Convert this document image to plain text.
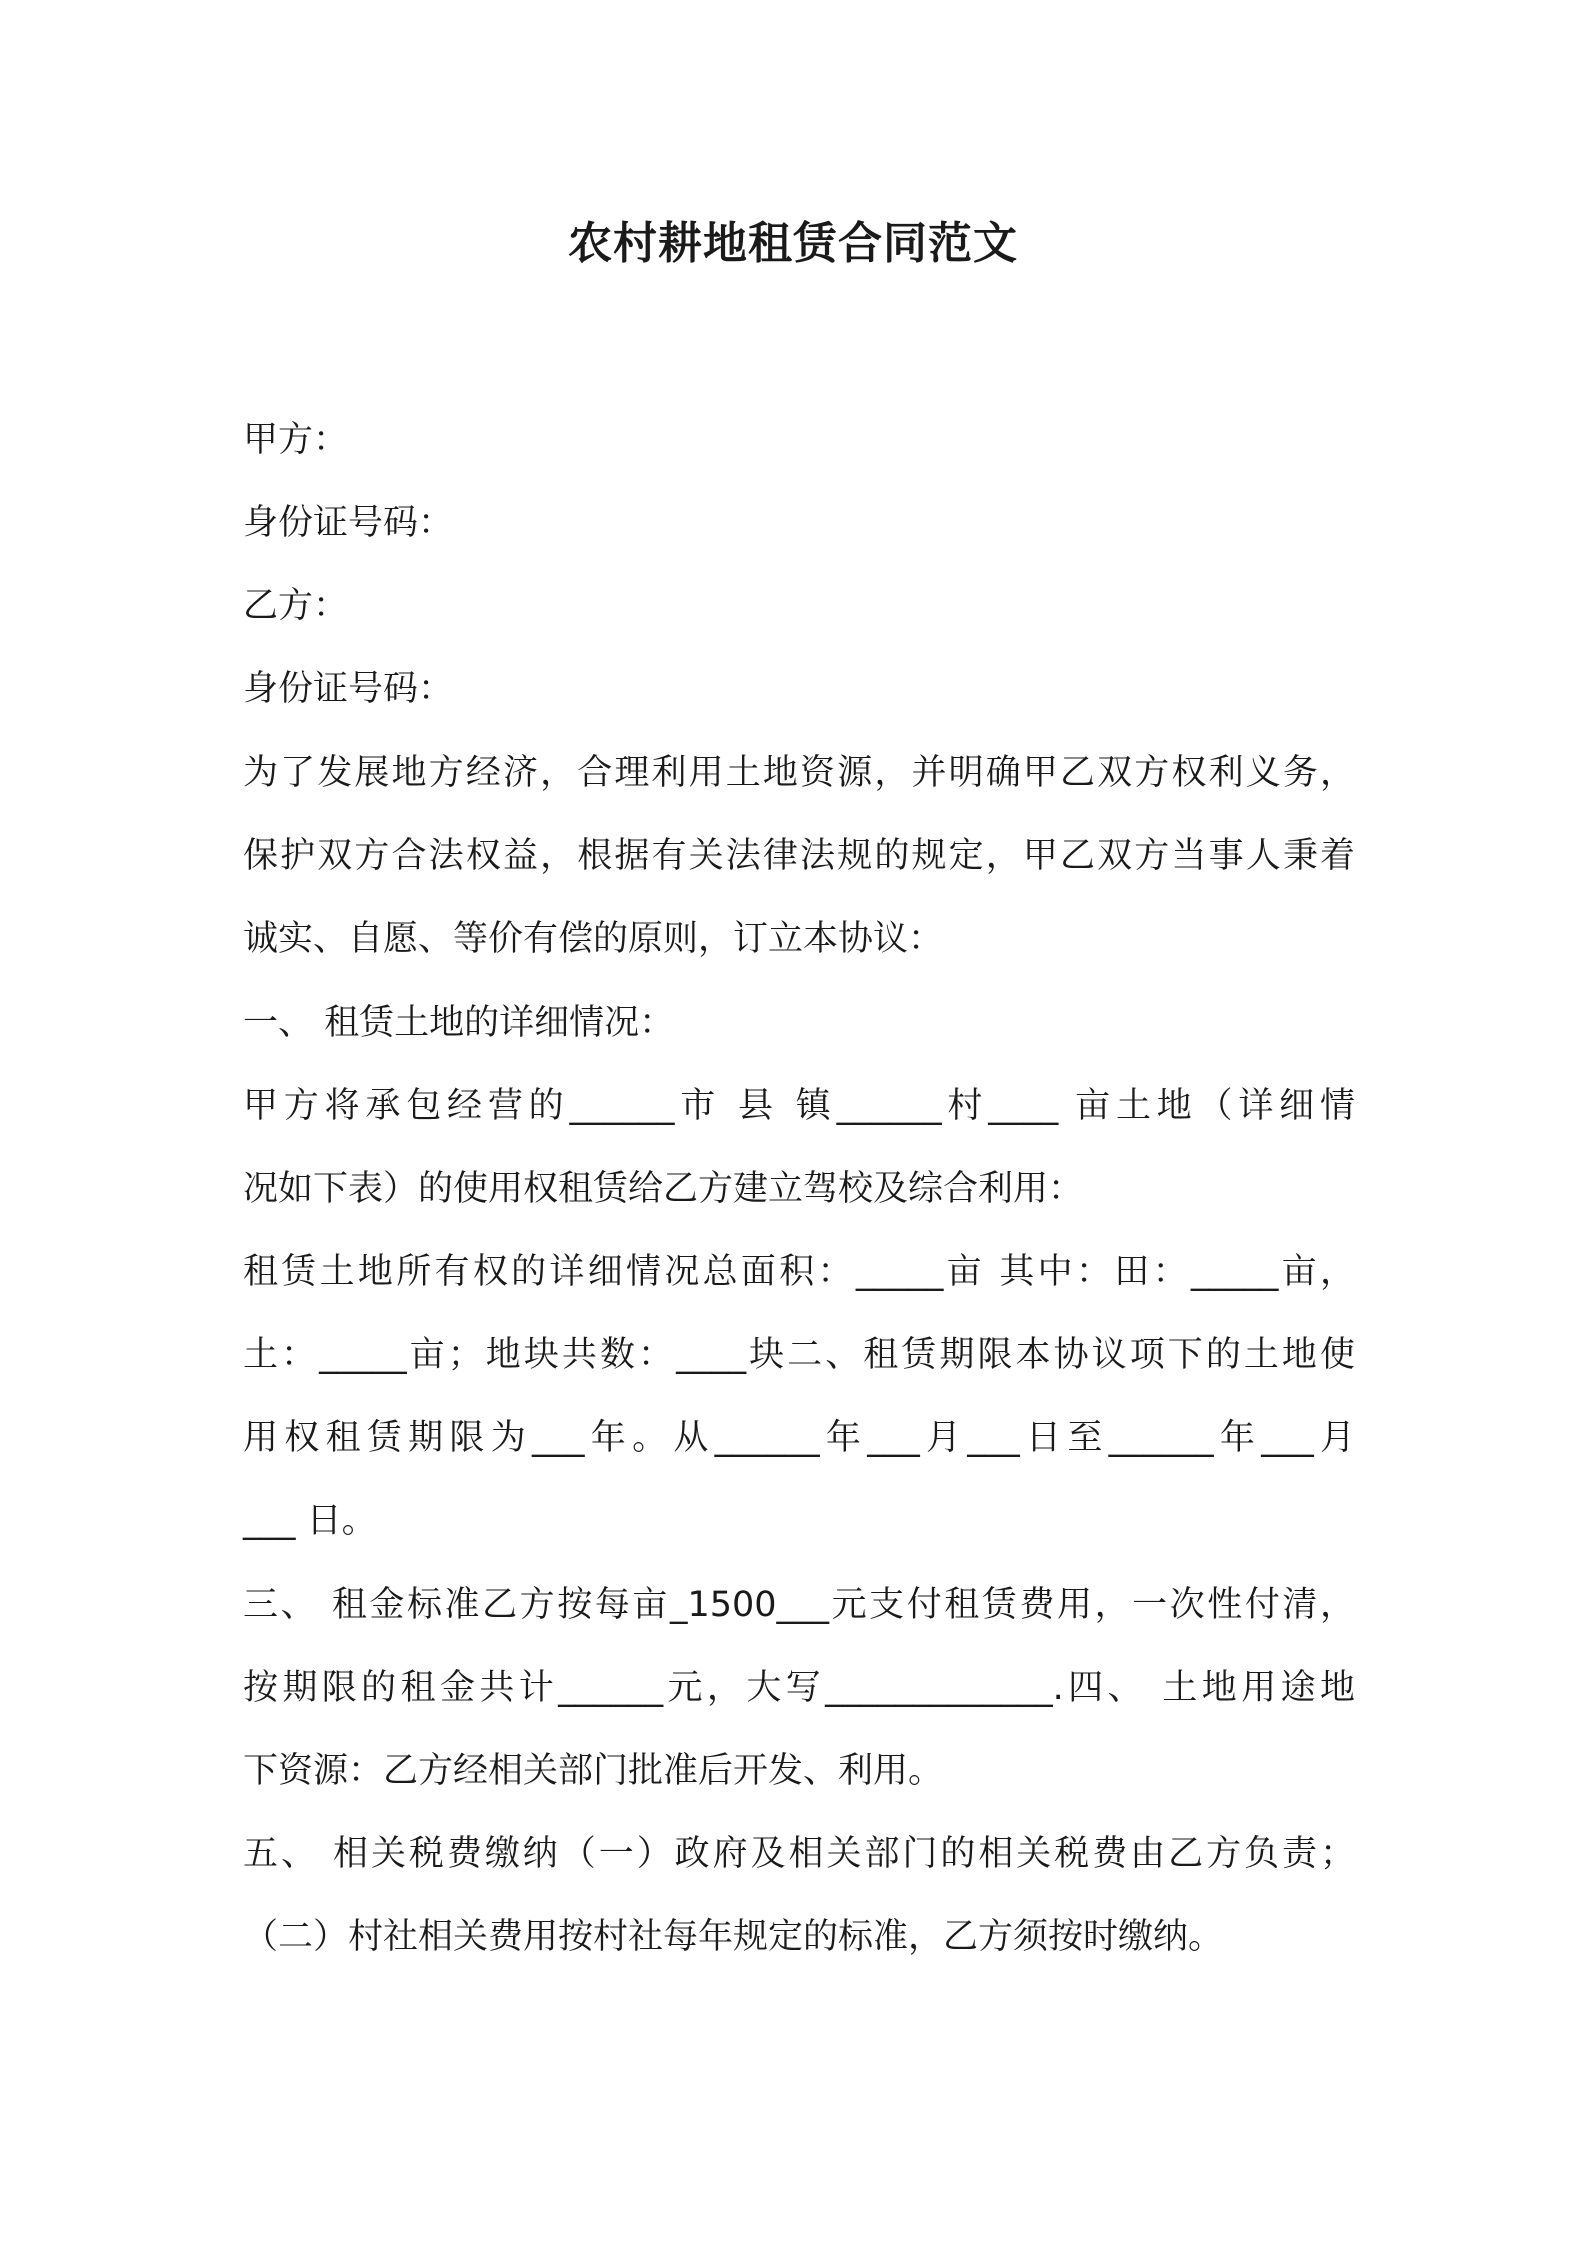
农村耕地租赁合同范文

甲方：

身份证号码：

乙方：

身份证号码：

为了发展地方经济，合理利用土地资源，并明确甲乙双方权利义务，

保护双方合法权益，根据有关法律法规的规定，甲乙双方当事人秉着

诚实、自愿、等价有偿的原则，订立本协议：

一、 租赁土地的详细情况：

甲方将承包经营的______市 县 镇______村____ 亩土地（详细情

况如下表）的使用权租赁给乙方建立驾校及综合利用：

租赁土地所有权的详细情况总面积：_____亩 其中：田：_____亩，

土：_____亩；地块共数：____块二、租赁期限本协议项下的土地使

用权租赁期限为___年。从______年___月___日至______年___月

___ 日。

三、 租金标准乙方按每亩_1500___元支付租赁费用，一次性付清，

按期限的租金共计______元，大写_____________.四、 土地用途地

下资源：乙方经相关部门批准后开发、利用。

五、 相关税费缴纳（一）政府及相关部门的相关税费由乙方负责；

（二）村社相关费用按村社每年规定的标准，乙方须按时缴纳。
